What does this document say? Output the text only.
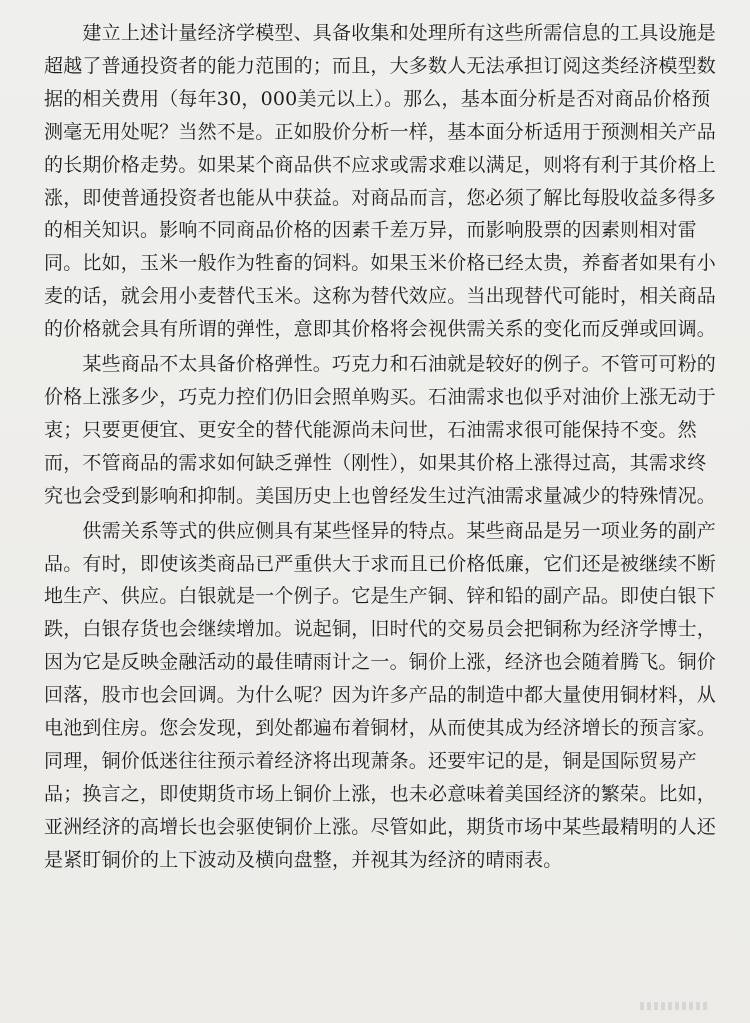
　　建立上述计量经济学模型、具备收集和处理所有这些所需信息的工具设施是
超越了普通投资者的能力范围的；而且，大多数人无法承担订阅这类经济模型数
据的相关费用（每年30，000美元以上）。那么，基本面分析是否对商品价格预
测毫无用处呢？当然不是。正如股价分析一样，基本面分析适用于预测相关产品
的长期价格走势。如果某个商品供不应求或需求难以满足，则将有利于其价格上
涨，即使普通投资者也能从中获益。对商品而言，您必须了解比每股收益多得多
的相关知识。影响不同商品价格的因素千差万异，而影响股票的因素则相对雷
同。比如，玉米一般作为牲畜的饲料。如果玉米价格已经太贵，养畜者如果有小
麦的话，就会用小麦替代玉米。这称为替代效应。当出现替代可能时，相关商品
的价格就会具有所谓的弹性，意即其价格将会视供需关系的变化而反弹或回调。

　　某些商品不太具备价格弹性。巧克力和石油就是较好的例子。不管可可粉的
价格上涨多少，巧克力控们仍旧会照单购买。石油需求也似乎对油价上涨无动于
衷；只要更便宜、更安全的替代能源尚未问世，石油需求很可能保持不变。然
而，不管商品的需求如何缺乏弹性（刚性），如果其价格上涨得过高，其需求终
究也会受到影响和抑制。美国历史上也曾经发生过汽油需求量减少的特殊情况。

　　供需关系等式的供应侧具有某些怪异的特点。某些商品是另一项业务的副产
品。有时，即使该类商品已严重供大于求而且已价格低廉，它们还是被继续不断
地生产、供应。白银就是一个例子。它是生产铜、锌和铅的副产品。即使白银下
跌，白银存货也会继续增加。说起铜，旧时代的交易员会把铜称为经济学博士，
因为它是反映金融活动的最佳晴雨计之一。铜价上涨，经济也会随着腾飞。铜价
回落，股市也会回调。为什么呢？因为许多产品的制造中都大量使用铜材料，从
电池到住房。您会发现，到处都遍布着铜材，从而使其成为经济增长的预言家。
同理，铜价低迷往往预示着经济将出现萧条。还要牢记的是，铜是国际贸易产
品；换言之，即使期货市场上铜价上涨，也未必意味着美国经济的繁荣。比如，
亚洲经济的高增长也会驱使铜价上涨。尽管如此，期货市场中某些最精明的人还
是紧盯铜价的上下波动及横向盘整，并视其为经济的晴雨表。
